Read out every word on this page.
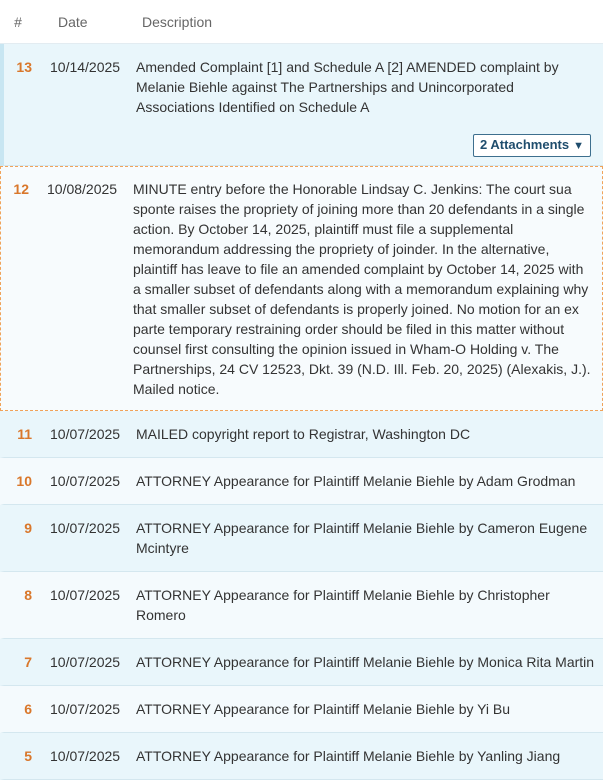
#	Date	Description
13	10/14/2025	Amended Complaint [1] and Schedule A [2] AMENDED complaint by Melanie Biehle against The Partnerships and Unincorporated Associations Identified on Schedule A
2 Attachments ▼
12	10/08/2025	MINUTE entry before the Honorable Lindsay C. Jenkins: The court sua sponte raises the propriety of joining more than 20 defendants in a single action. By October 14, 2025, plaintiff must file a supplemental memorandum addressing the propriety of joinder. In the alternative, plaintiff has leave to file an amended complaint by October 14, 2025 with a smaller subset of defendants along with a memorandum explaining why that smaller subset of defendants is properly joined. No motion for an ex parte temporary restraining order should be filed in this matter without counsel first consulting the opinion issued in Wham-O Holding v. The Partnerships, 24 CV 12523, Dkt. 39 (N.D. Ill. Feb. 20, 2025) (Alexakis, J.). Mailed notice.
11	10/07/2025	MAILED copyright report to Registrar, Washington DC
10	10/07/2025	ATTORNEY Appearance for Plaintiff Melanie Biehle by Adam Grodman
9	10/07/2025	ATTORNEY Appearance for Plaintiff Melanie Biehle by Cameron Eugene Mcintyre
8	10/07/2025	ATTORNEY Appearance for Plaintiff Melanie Biehle by Christopher Romero
7	10/07/2025	ATTORNEY Appearance for Plaintiff Melanie Biehle by Monica Rita Martin
6	10/07/2025	ATTORNEY Appearance for Plaintiff Melanie Biehle by Yi Bu
5	10/07/2025	ATTORNEY Appearance for Plaintiff Melanie Biehle by Yanling Jiang
